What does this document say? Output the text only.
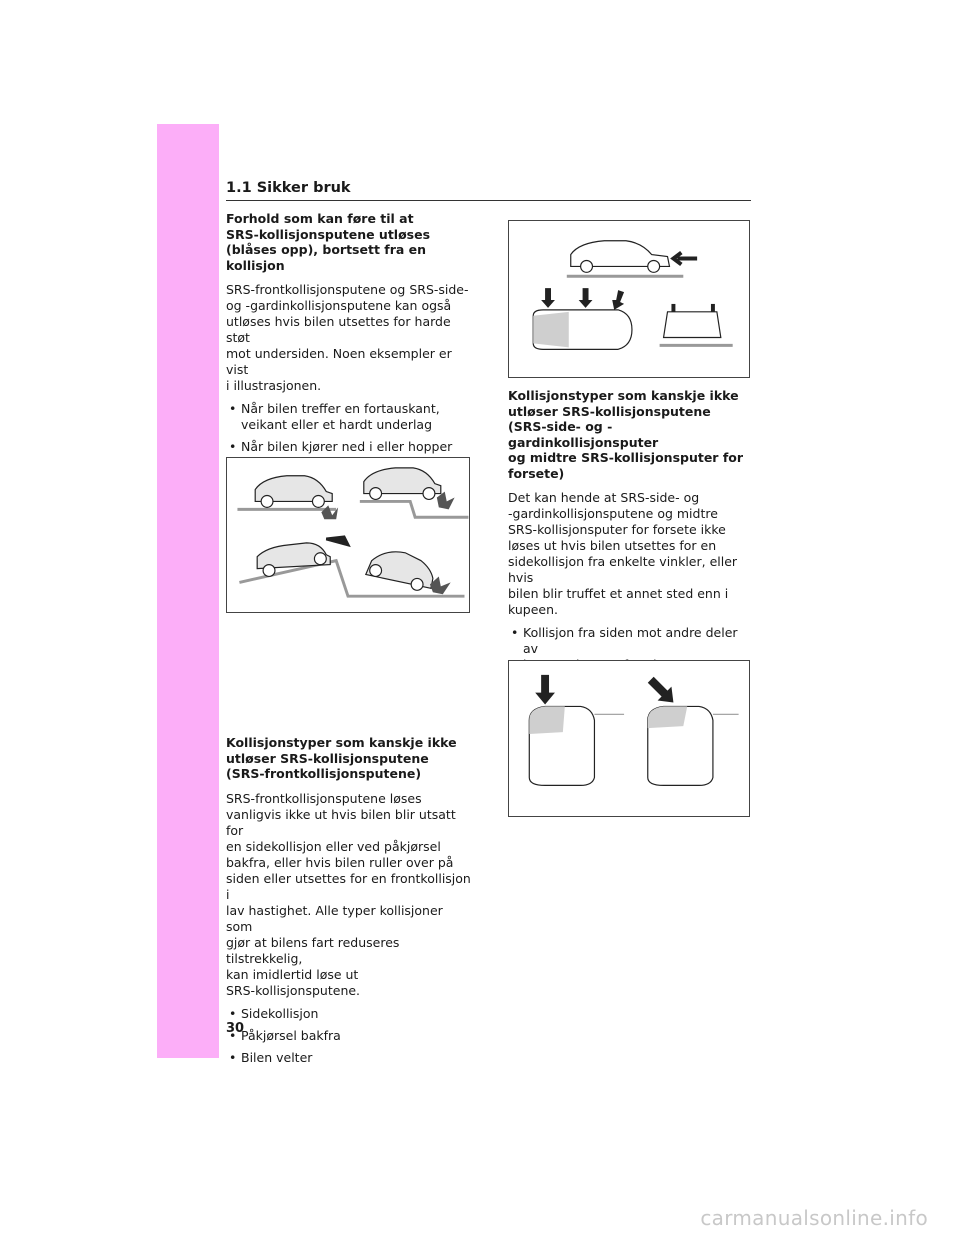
1.1 Sikker bruk
Forhold som kan føre til at
SRS-kollisjonsputene utløses
(blåses opp), bortsett fra en kollisjon
SRS-frontkollisjonsputene og SRS-side-
og -gardinkollisjonsputene kan også
utløses hvis bilen utsettes for harde støt
mot undersiden. Noen eksempler er vist
i illustrasjonen.
• Når bilen treffer en fortauskant,
veikant eller et hardt underlag
• Når bilen kjører ned i eller hopper

•
Kollisjonstyper som kanskje ikke
utløser SRS-kollisjonsputene
(SRS-frontkollisjonsputene)
SRS-frontkollisjonsputene løses
vanligvis ikke ut hvis bilen blir utsatt for
en sidekollisjon eller ved påkjørsel
bakfra, eller hvis bilen ruller over på
siden eller utsettes for en frontkollisjon i
lav hastighet. Alle typer kollisjoner som
gjør at bilens fart reduseres tilstrekkelig,
kan imidlertid løse ut
SRS-kollisjonsputene.
• Sidekollisjon
• Påkjørsel bakfra
• Bilen velter
Kollisjonstyper som kanskje ikke
utløser SRS-kollisjonsputene
(SRS-side- og -gardinkollisjonsputer
og midtre SRS-kollisjonsputer for
forsete)
Det kan hende at SRS-side- og
-gardinkollisjonsputene og midtre
SRS-kollisjonsputer for forsete ikke
løses ut hvis bilen utsettes for en
sidekollisjon fra enkelte vinkler, eller hvis
bilen blir truffet et annet sted enn i
kupeen.
• Kollisjon fra siden mot andre deler av

•
30
carmanualsonline.info
